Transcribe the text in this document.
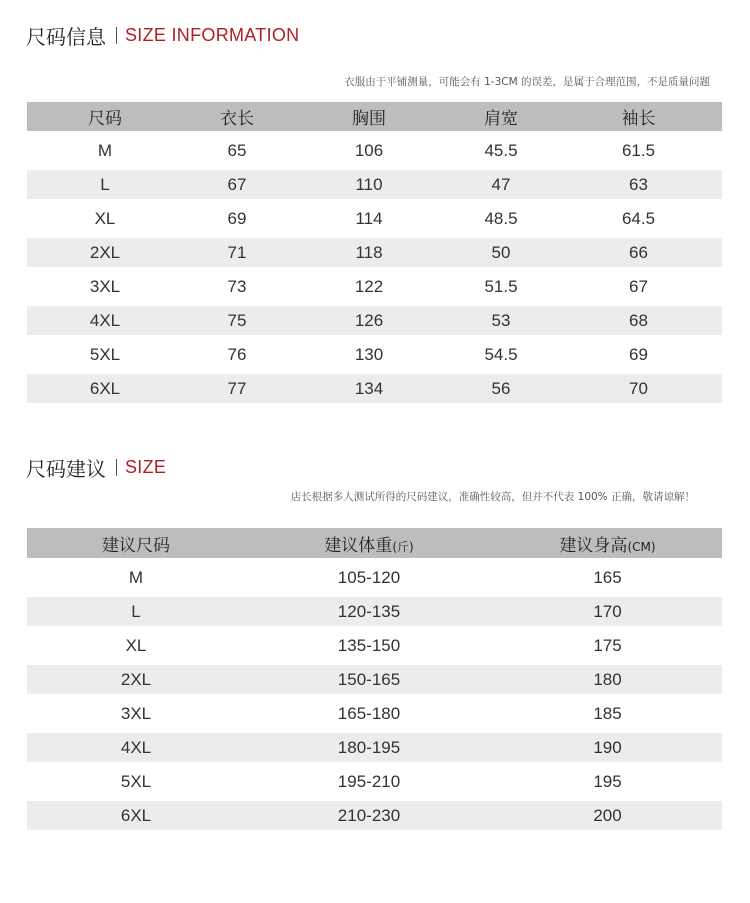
尺码信息 SIZE INFORMATION
衣服由于平铺测量，可能会有 1-3CM 的误差，是属于合理范围，不是质量问题
尺码	衣长	胸围	肩宽	袖长
M	65	106	45.5	61.5
L	67	110	47	63
XL	69	114	48.5	64.5
2XL	71	118	50	66
3XL	73	122	51.5	67
4XL	75	126	53	68
5XL	76	130	54.5	69
6XL	77	134	56	70
尺码建议 SIZE
店长根据多人测试所得的尺码建议，准确性较高，但并不代表 100% 正确，敬请谅解！
建议尺码	建议体重(斤)	建议身高(CM)
M	105-120	165
L	120-135	170
XL	135-150	175
2XL	150-165	180
3XL	165-180	185
4XL	180-195	190
5XL	195-210	195
6XL	210-230	200
